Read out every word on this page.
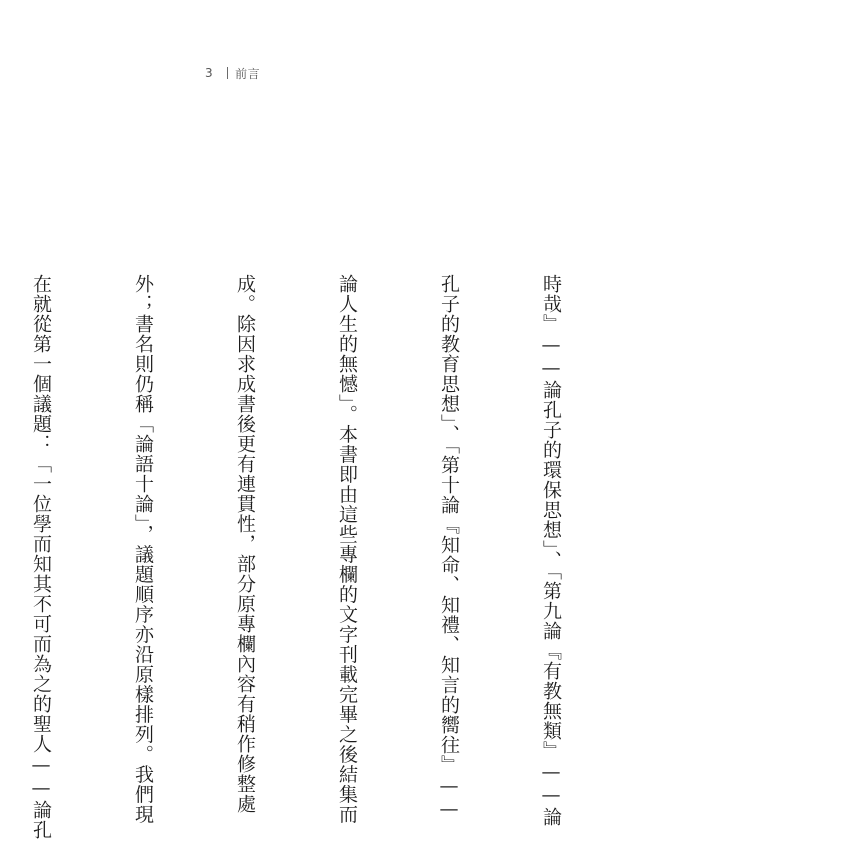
3 前言

時哉』——論孔子的環保思想」、「第九論『有教無類』——論

孔子的教育思想」、「第十論『知命、知禮、知言的嚮往』——

論人生的無憾」。本書即由這些專欄的文字刊載完畢之後結集而

成。除因求成書後更有連貫性，部分原專欄內容有稍作修整處

外；書名則仍稱「論語十論」，議題順序亦沿原樣排列。我們現

在就從第一個議題：「一位學而知其不可而為之的聖人——論孔
